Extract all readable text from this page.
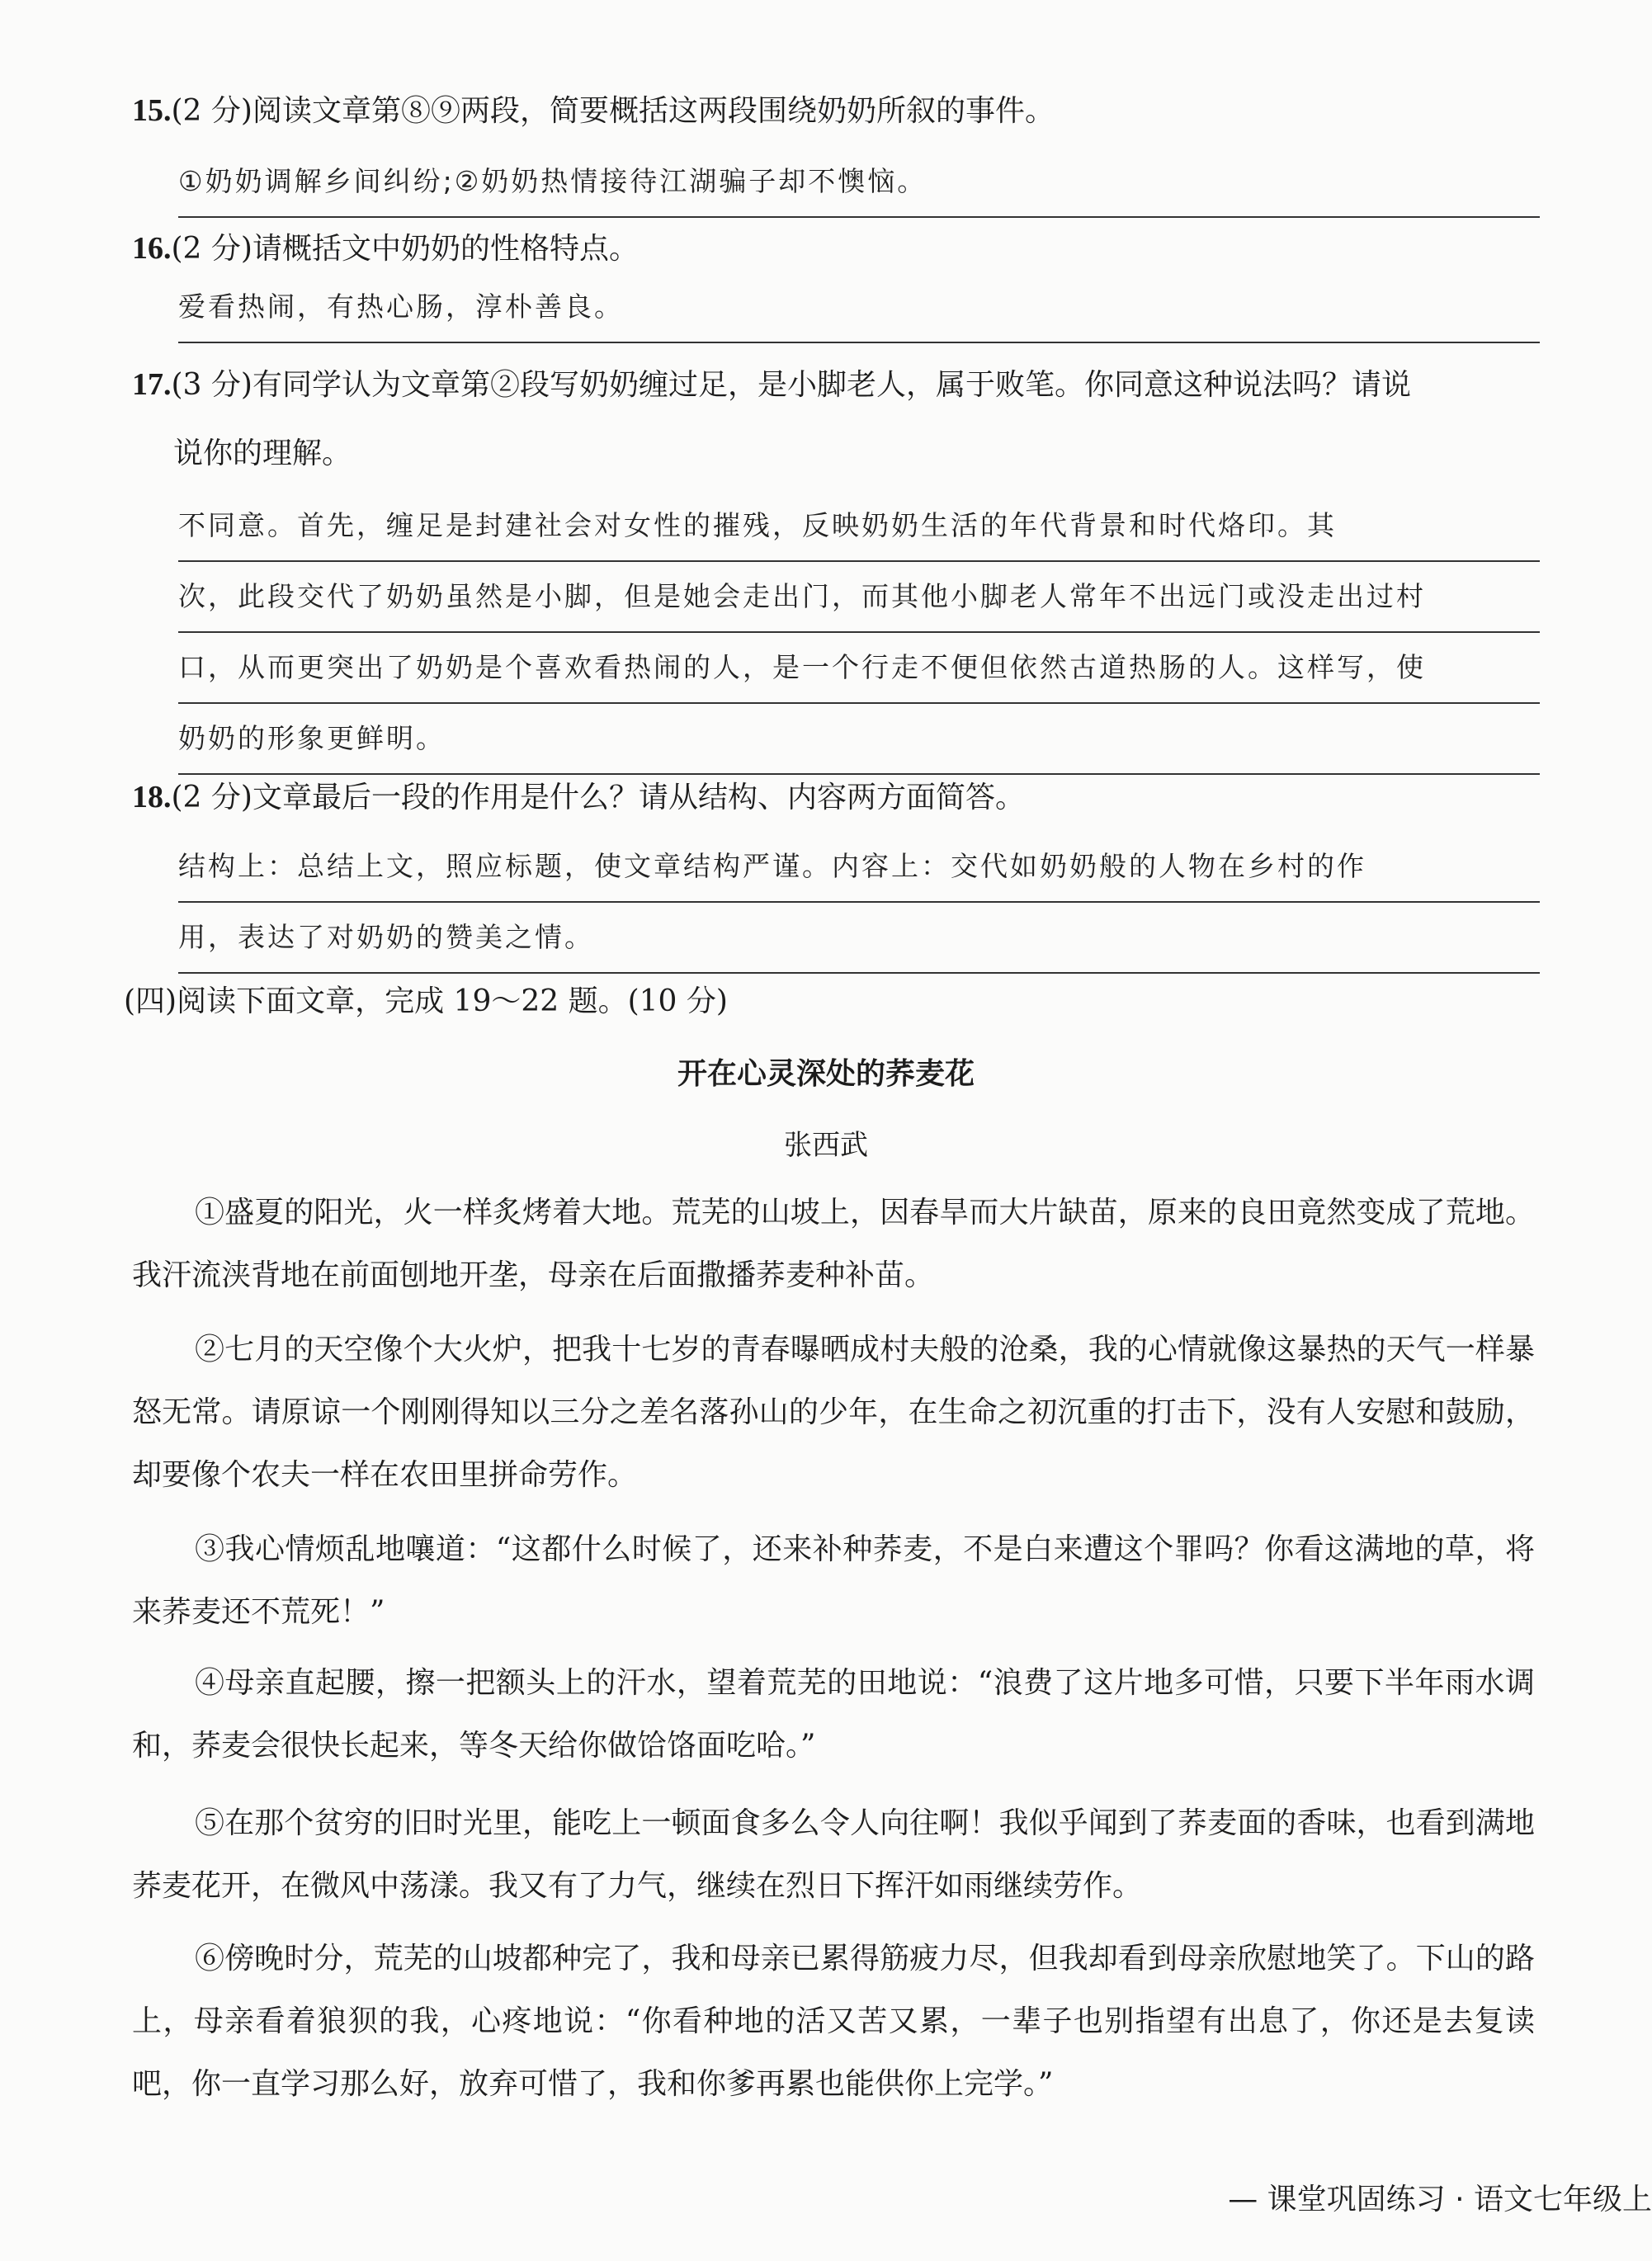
15.(2 分)阅读文章第⑧⑨两段，简要概括这两段围绕奶奶所叙的事件。
①奶奶调解乡间纠纷;②奶奶热情接待江湖骗子却不懊恼。
16.(2 分)请概括文中奶奶的性格特点。
爱看热闹，有热心肠，淳朴善良。
17.(3 分)有同学认为文章第②段写奶奶缠过足，是小脚老人，属于败笔。你同意这种说法吗？请说
说你的理解。
不同意。首先，缠足是封建社会对女性的摧残，反映奶奶生活的年代背景和时代烙印。其
次，此段交代了奶奶虽然是小脚，但是她会走出门，而其他小脚老人常年不出远门或没走出过村
口，从而更突出了奶奶是个喜欢看热闹的人，是一个行走不便但依然古道热肠的人。这样写，使
奶奶的形象更鲜明。
18.(2 分)文章最后一段的作用是什么？请从结构、内容两方面简答。
结构上：总结上文，照应标题，使文章结构严谨。内容上：交代如奶奶般的人物在乡村的作
用，表达了对奶奶的赞美之情。
(四)阅读下面文章，完成 19～22 题。(10 分)
开在心灵深处的荞麦花
张西武
①盛夏的阳光，火一样炙烤着大地。荒芜的山坡上，因春旱而大片缺苗，原来的良田竟然变成了荒地。我汗流浃背地在前面刨地开垄，母亲在后面撒播荞麦种补苗。
②七月的天空像个大火炉，把我十七岁的青春曝晒成村夫般的沧桑，我的心情就像这暴热的天气一样暴怒无常。请原谅一个刚刚得知以三分之差名落孙山的少年，在生命之初沉重的打击下，没有人安慰和鼓励，却要像个农夫一样在农田里拼命劳作。
③我心情烦乱地嚷道：“这都什么时候了，还来补种荞麦，不是白来遭这个罪吗？你看这满地的草，将来荞麦还不荒死！”
④母亲直起腰，擦一把额头上的汗水，望着荒芜的田地说：“浪费了这片地多可惜，只要下半年雨水调和，荞麦会很快长起来，等冬天给你做饸饹面吃哈。”
⑤在那个贫穷的旧时光里，能吃上一顿面食多么令人向往啊！我似乎闻到了荞麦面的香味，也看到满地荞麦花开，在微风中荡漾。我又有了力气，继续在烈日下挥汗如雨继续劳作。
⑥傍晚时分，荒芜的山坡都种完了，我和母亲已累得筋疲力尽，但我却看到母亲欣慰地笑了。下山的路上，母亲看着狼狈的我，心疼地说：“你看种地的活又苦又累，一辈子也别指望有出息了，你还是去复读吧，你一直学习那么好，放弃可惜了，我和你爹再累也能供你上完学。”
— 课堂巩固练习 · 语文七年级上
